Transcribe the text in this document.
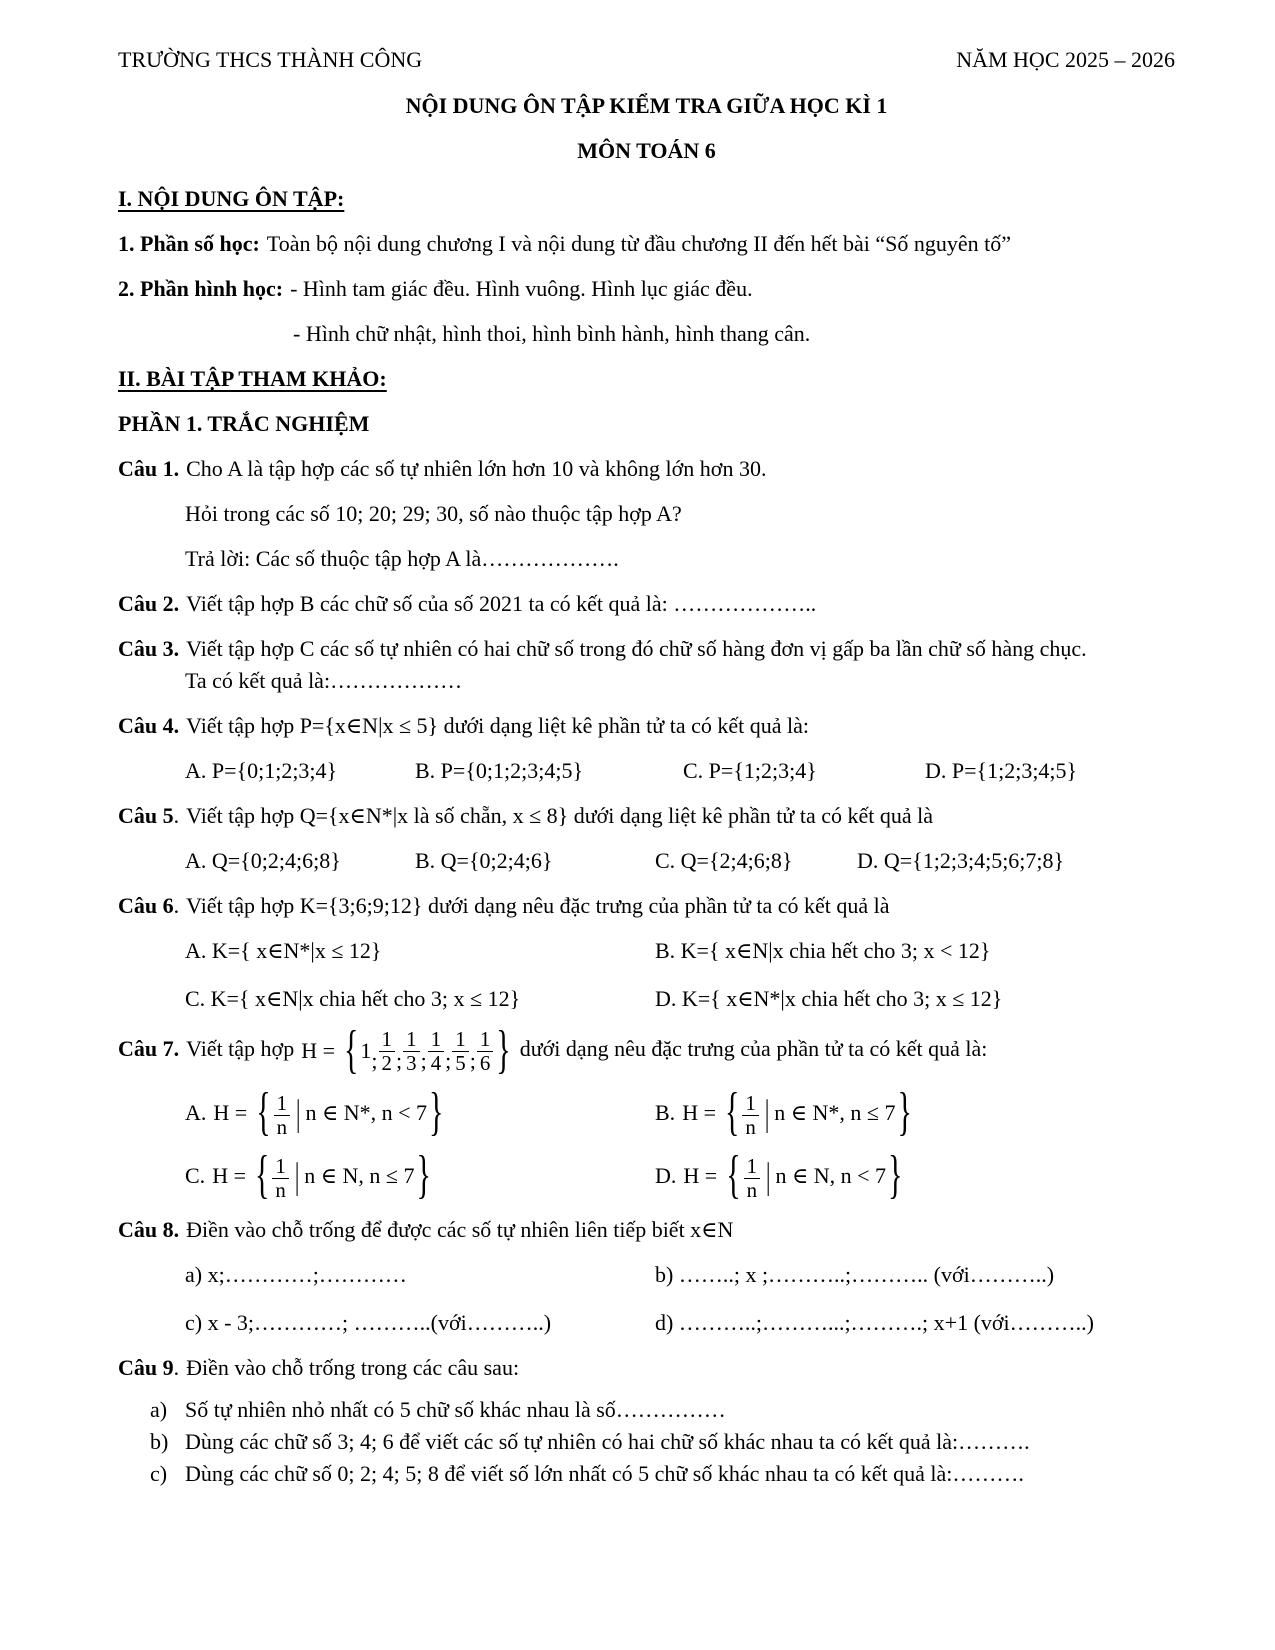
TRƯỜNG THCS THÀNH CÔNG	NĂM HỌC 2025 – 2026

NỘI DUNG ÔN TẬP KIỂM TRA GIỮA HỌC KÌ 1

MÔN TOÁN 6

I. NỘI DUNG ÔN TẬP:

1. Phần số học: Toàn bộ nội dung chương I và nội dung từ đầu chương II đến hết bài “Số nguyên tố”

2. Phần hình học: - Hình tam giác đều. Hình vuông. Hình lục giác đều.

- Hình chữ nhật, hình thoi, hình bình hành, hình thang cân.

II. BÀI TẬP THAM KHẢO:

PHẦN 1. TRẮC NGHIỆM

Câu 1. Cho A là tập hợp các số tự nhiên lớn hơn 10 và không lớn hơn 30.

Hỏi trong các số 10; 20; 29; 30, số nào thuộc tập hợp A?

Trả lời: Các số thuộc tập hợp A là……………….

Câu 2. Viết tập hợp B các chữ số của số 2021 ta có kết quả là: ………………..

Câu 3. Viết tập hợp C các số tự nhiên có hai chữ số trong đó chữ số hàng đơn vị gấp ba lần chữ số hàng chục.

Ta có kết quả là:………………

Câu 4. Viết tập hợp P={x∈N|x ≤ 5} dưới dạng liệt kê phần tử ta có kết quả là:

A. P={0;1;2;3;4}	B. P={0;1;2;3;4;5}	C. P={1;2;3;4}	D. P={1;2;3;4;5}

Câu 5. Viết tập hợp Q={x∈N*|x là số chẵn, x ≤ 8} dưới dạng liệt kê phần tử ta có kết quả là

A. Q={0;2;4;6;8}	B. Q={0;2;4;6}	C. Q={2;4;6;8}	D. Q={1;2;3;4;5;6;7;8}

Câu 6. Viết tập hợp K={3;6;9;12} dưới dạng nêu đặc trưng của phần tử ta có kết quả là

A. K={ x∈N*|x ≤ 12}	B. K={ x∈N|x chia hết cho 3; x < 12}
C. K={ x∈N|x chia hết cho 3; x ≤ 12}	D. K={ x∈N*|x chia hết cho 3; x ≤ 12}

Câu 7. Viết tập hợp H = { 1 ; $\frac{1}{2}$ ; $\frac{1}{3}$ ; $\frac{1}{4}$ ; $\frac{1}{5}$ ; $\frac{1}{6}$ } dưới dạng nêu đặc trưng của phần tử ta có kết quả là:

A. H = { $\frac{1}{n}$ | n ∈ N*, n < 7 }	B. H = { $\frac{1}{n}$ | n ∈ N*, n ≤ 7 }
C. H = { $\frac{1}{n}$ | n ∈ N, n ≤ 7 }	D. H = { $\frac{1}{n}$ | n ∈ N, n < 7 }

Câu 8. Điền vào chỗ trống để được các số tự nhiên liên tiếp biết x∈N

a) x;…………;…………	b) ……..; x ;………..;……….. (với………..)
c) x - 3;…………; ………..(với………..)	d) ………..;………...;……….; x+1 (với………..)

Câu 9. Điền vào chỗ trống trong các câu sau:

a) Số tự nhiên nhỏ nhất có 5 chữ số khác nhau là số……………
b) Dùng các chữ số 3; 4; 6 để viết các số tự nhiên có hai chữ số khác nhau ta có kết quả là:……….
c) Dùng các chữ số 0; 2; 4; 5; 8 để viết số lớn nhất có 5 chữ số khác nhau ta có kết quả là:……….
